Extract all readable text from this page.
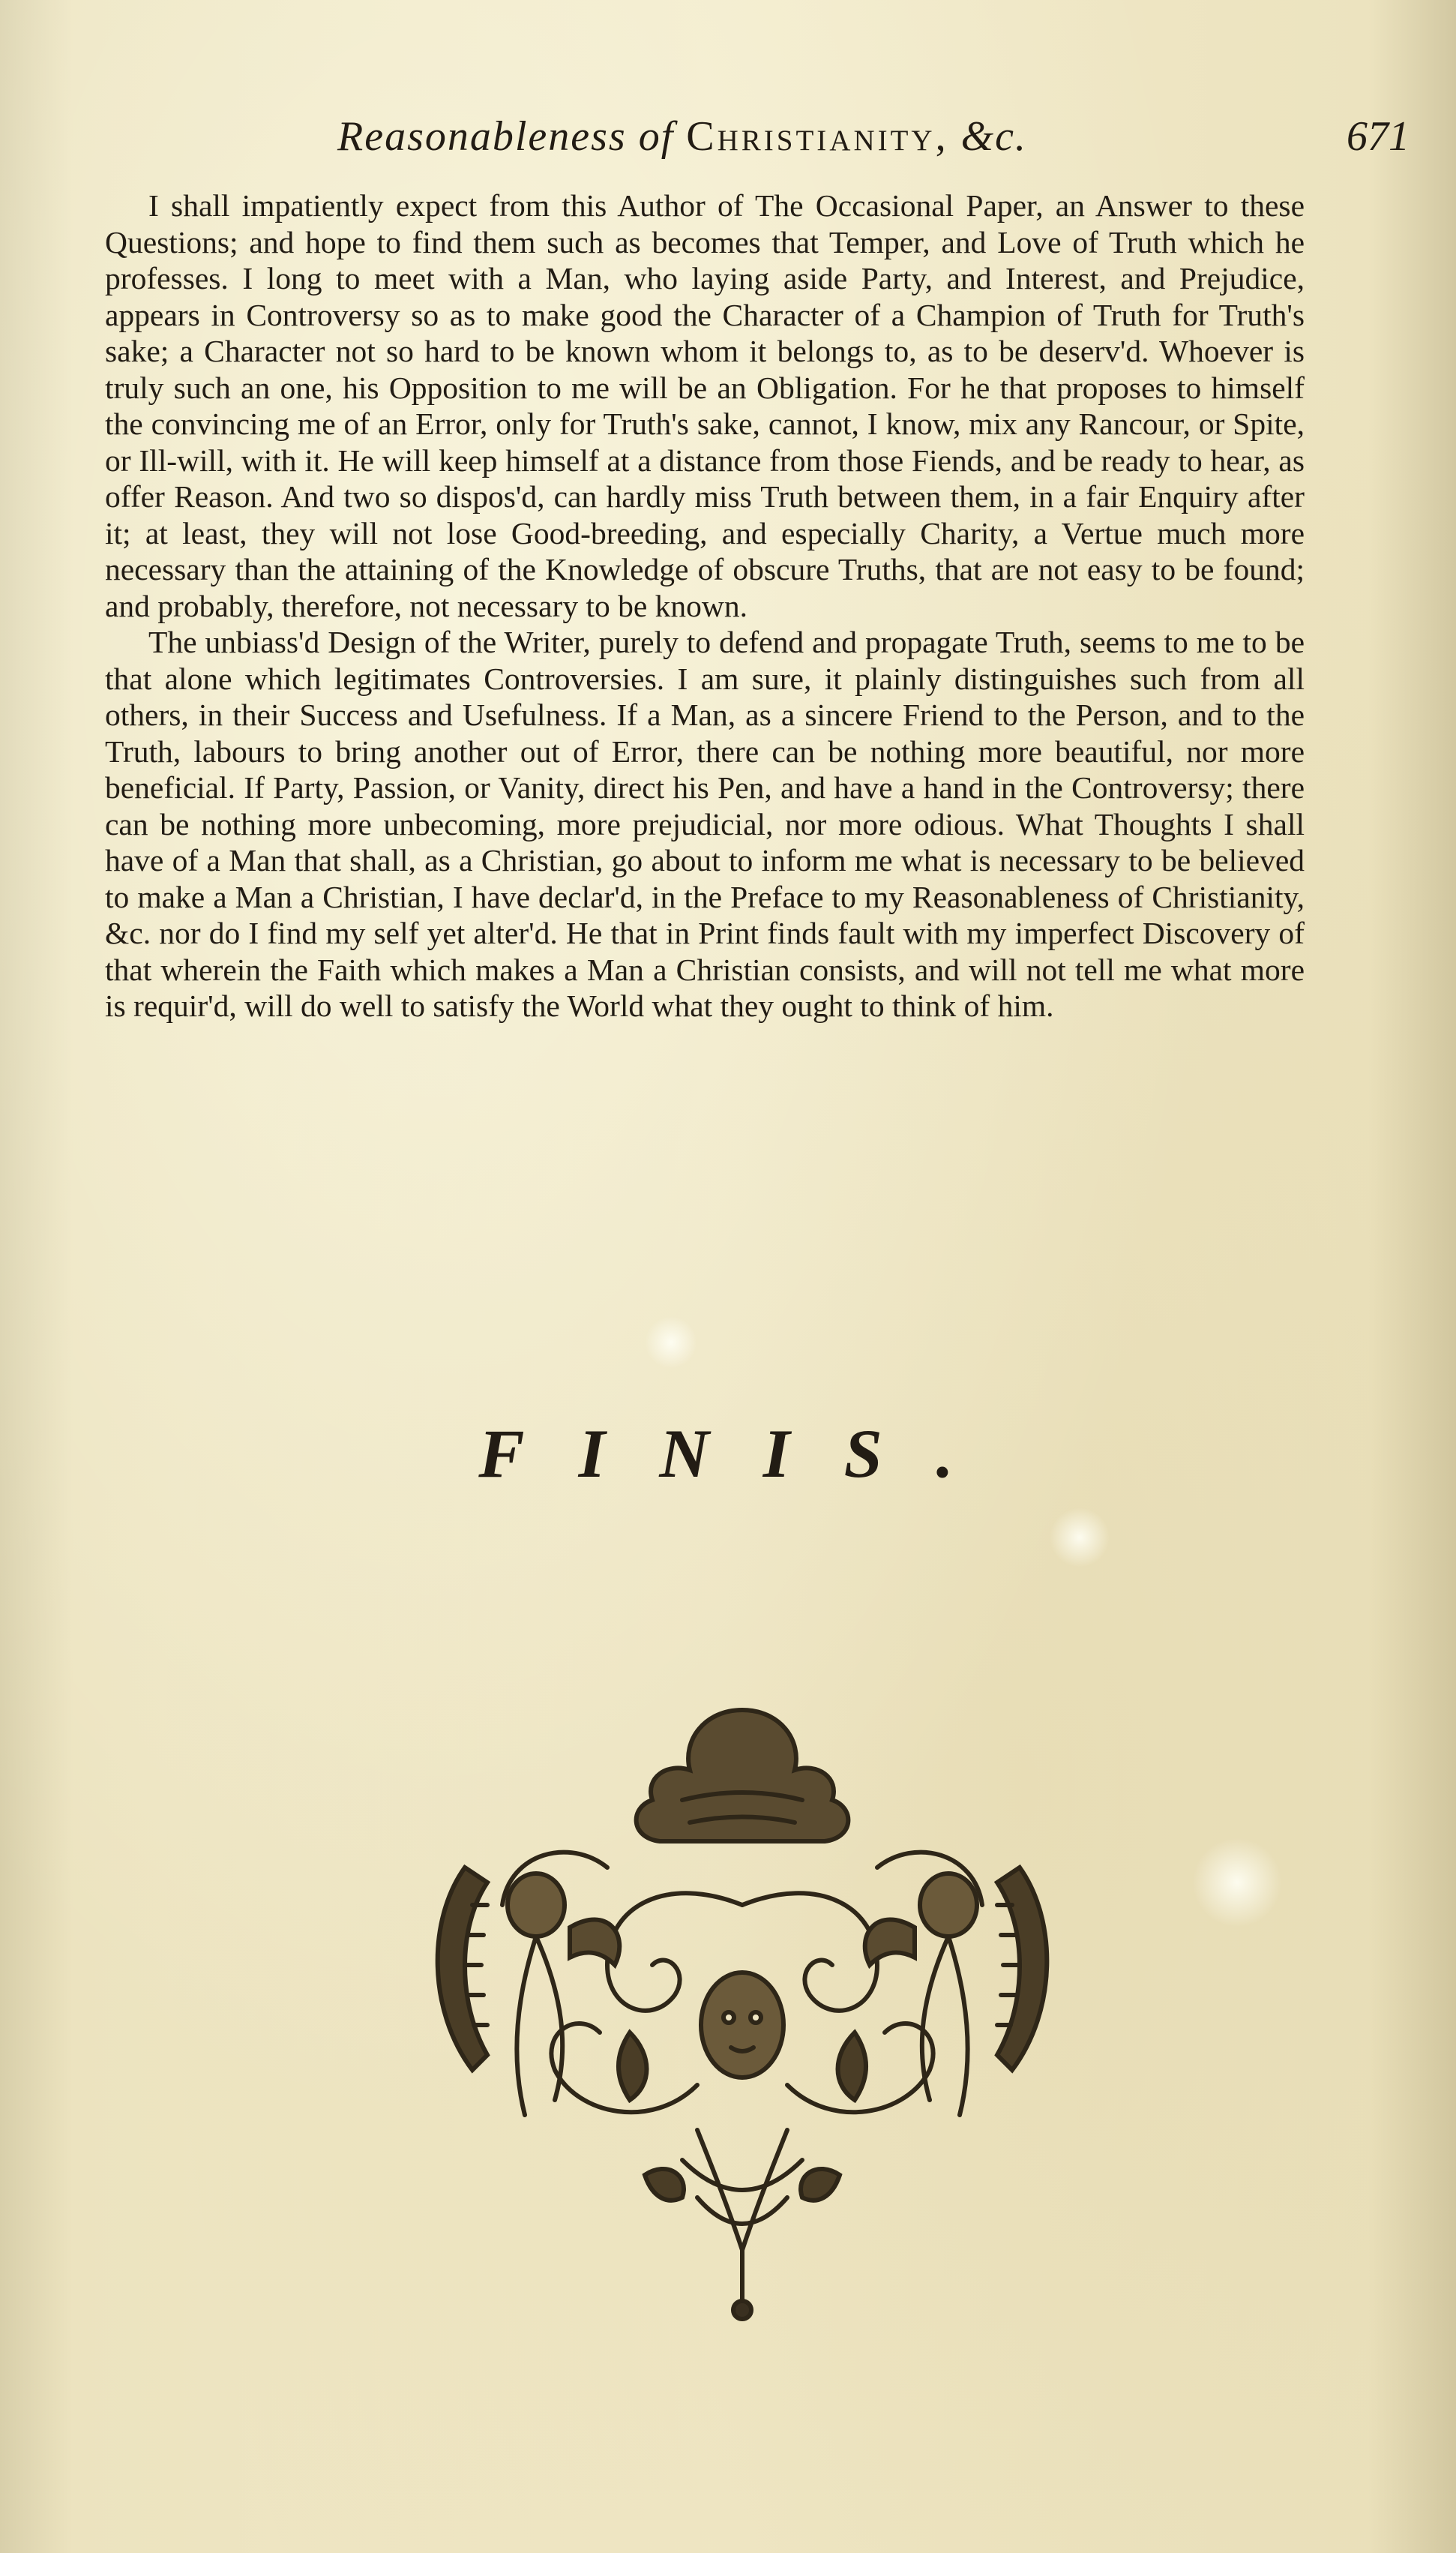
Reasonableness of Christianity, &c.	671

I shall impatiently expect from this Author of The Occasional Paper, an Answer to these Questions; and hope to find them such as becomes that Temper, and Love of Truth which he professes. I long to meet with a Man, who laying aside Party, and Interest, and Prejudice, appears in Controversy so as to make good the Character of a Champion of Truth for Truth's sake; a Character not so hard to be known whom it belongs to, as to be deserv'd. Whoever is truly such an one, his Opposition to me will be an Obligation. For he that proposes to himself the convincing me of an Error, only for Truth's sake, cannot, I know, mix any Rancour, or Spite, or Ill-will, with it. He will keep himself at a distance from those Fiends, and be ready to hear, as offer Reason. And two so dispos'd, can hardly miss Truth between them, in a fair Enquiry after it; at least, they will not lose Good-breeding, and especially Charity, a Vertue much more necessary than the attaining of the Knowledge of obscure Truths, that are not easy to be found; and probably, therefore, not necessary to be known.

The unbiass'd Design of the Writer, purely to defend and propagate Truth, seems to me to be that alone which legitimates Controversies. I am sure, it plainly distinguishes such from all others, in their Success and Usefulness. If a Man, as a sincere Friend to the Person, and to the Truth, labours to bring another out of Error, there can be nothing more beautiful, nor more beneficial. If Party, Passion, or Vanity, direct his Pen, and have a hand in the Controversy; there can be nothing more unbecoming, more prejudicial, nor more odious. What Thoughts I shall have of a Man that shall, as a Christian, go about to inform me what is necessary to be believed to make a Man a Christian, I have declar'd, in the Preface to my Reasonableness of Christianity, &c. nor do I find my self yet alter'd. He that in Print finds fault with my imperfect Discovery of that wherein the Faith which makes a Man a Christian consists, and will not tell me what more is requir'd, will do well to satisfy the World what they ought to think of him.

FINIS.
